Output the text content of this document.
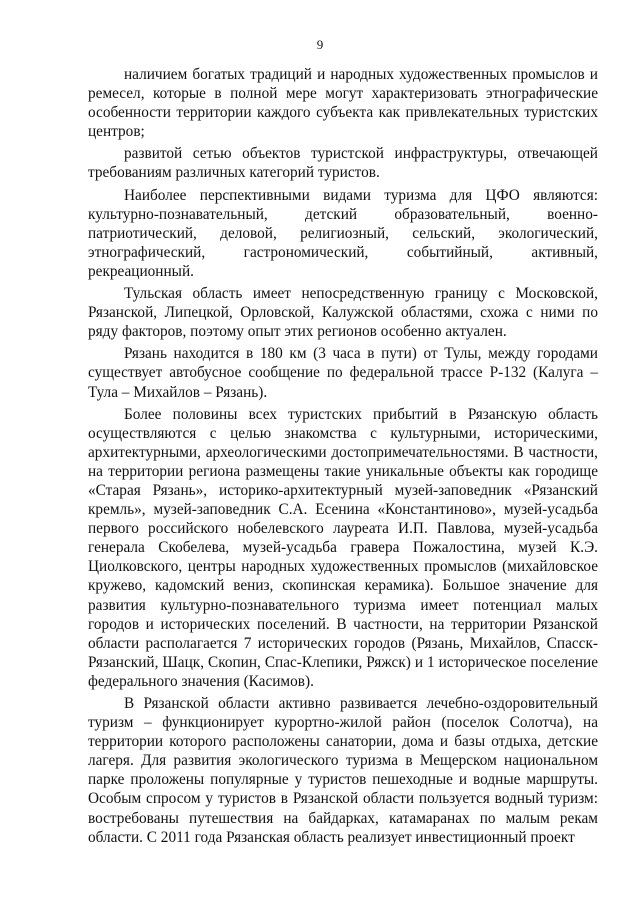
9

наличием богатых традиций и народных художественных промыслов и ремесел, которые в полной мере могут характеризовать этнографические особенности территории каждого субъекта как привлекательных туристских центров;

развитой сетью объектов туристской инфраструктуры, отвечающей требованиям различных категорий туристов.

Наиболее перспективными видами туризма для ЦФО являются: культурно-познавательный, детский образовательный, военно-патриотический, деловой, религиозный, сельский, экологический, этнографический, гастрономический, событийный, активный, рекреационный.

Тульская область имеет непосредственную границу с Московской, Рязанской, Липецкой, Орловской, Калужской областями, схожа с ними по ряду факторов, поэтому опыт этих регионов особенно актуален.

Рязань находится в 180 км (3 часа в пути) от Тулы, между городами существует автобусное сообщение по федеральной трассе Р-132 (Калуга – Тула – Михайлов – Рязань).

Более половины всех туристских прибытий в Рязанскую область осуществляются с целью знакомства с культурными, историческими, архитектурными, археологическими достопримечательностями. В частности, на территории региона размещены такие уникальные объекты как городище «Старая Рязань», историко-архитектурный музей-заповедник «Рязанский кремль», музей-заповедник С.А. Есенина «Константиново», музей-усадьба первого российского нобелевского лауреата И.П. Павлова, музей-усадьба генерала Скобелева, музей-усадьба гравера Пожалостина, музей К.Э. Циолковского, центры народных художественных промыслов (михайловское кружево, кадомский вениз, скопинская керамика). Большое значение для развития культурно-познавательного туризма имеет потенциал малых городов и исторических поселений. В частности, на территории Рязанской области располагается 7 исторических городов (Рязань, Михайлов, Спасск-Рязанский, Шацк, Скопин, Спас-Клепики, Ряжск) и 1 историческое поселение федерального значения (Касимов).

В Рязанской области активно развивается лечебно-оздоровительный туризм – функционирует курортно-жилой район (поселок Солотча), на территории которого расположены санатории, дома и базы отдыха, детские лагеря. Для развития экологического туризма в Мещерском национальном парке проложены популярные у туристов пешеходные и водные маршруты. Особым спросом у туристов в Рязанской области пользуется водный туризм: востребованы путешествия на байдарках, катамаранах по малым рекам области. С 2011 года Рязанская область реализует инвестиционный проект
